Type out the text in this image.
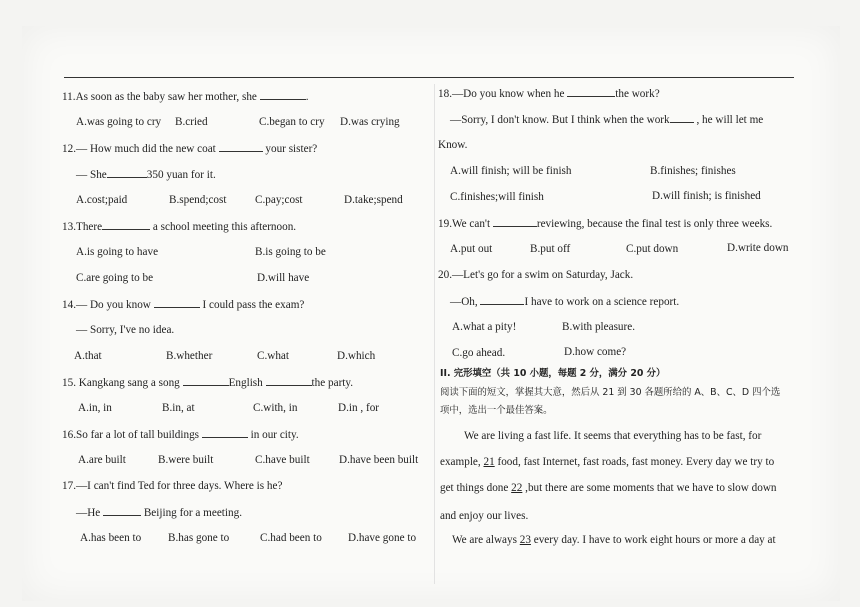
11.As soon as the baby saw her mother, she	.
A.was going to cry B.cried	C.began to cry D.was crying
12.— How much did the new coat	your sister?
— She	350 yuan for it.
A.cost;paid	B.spend;cost	C.pay;cost	D.take;spend
13.There	a school meeting this afternoon.
A.is going to have	B.is going to be
C.are going to be	D.will have
14.— Do you know	I could pass the exam?
— Sorry, I've no idea.
A.that	B.whether	C.what	D.which
15. Kangkang sang a song	English	the party.
A.in, in	B.in, at	C.with, in	D.in , for
16.So far a lot of tall buildings	in our city.
A.are built	B.were built	C.have built	D.have been built
17.—I can't find Ted for three days. Where is he?
—He	Beijing for a meeting.
A.has been to B.has gone to	C.had been to D.have gone to
18.—Do you know when he	the work?
—Sorry, I don't know. But I think when the work , he will let me
Know.
A.will finish; will be finish	B.finishes; finishes
C.finishes;will finish	D.will finish; is finished
19.We can't	reviewing, because the final test is only three weeks.
A.put out	B.put off	C.put down	D.write down
20.—Let's go for a swim on Saturday, Jack.
—Oh,	I have to work on a science report.
A.what a pity!	B.with pleasure.
C.go ahead.	D.how come?
II. 完形填空（共 10 小题，每题 2 分，满分 20 分）
阅读下面的短文，掌握其大意，然后从 21 到 30 各题所给的 A、B、C、D 四个选
项中，选出一个最佳答案。
We are living a fast life. It seems that everything has to be fast, for
example, 21 food, fast Internet, fast roads, fast money. Every day we try to
get things done 22 ,but there are some moments that we have to slow down
and enjoy our lives.
We are always 23 every day. I have to work eight hours or more a day at
